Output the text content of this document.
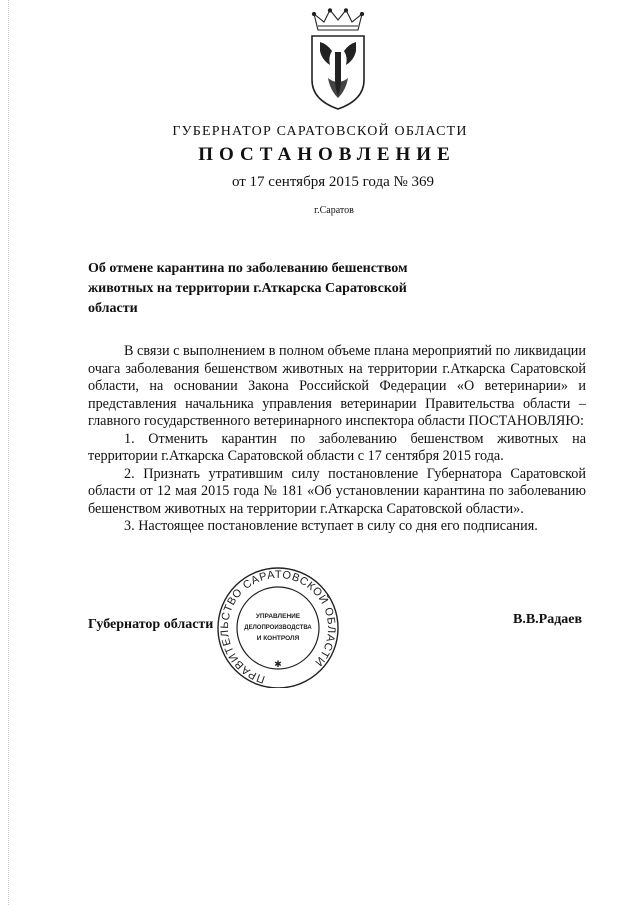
ГУБЕРНАТОР САРАТОВСКОЙ ОБЛАСТИ
ПОСТАНОВЛЕНИЕ
от 17 сентября 2015 года № 369
г.Саратов
Об отмене карантина по заболеванию бешенством животных на территории г.Аткарска Саратовской области

В связи с выполнением в полном объеме плана мероприятий по ликвидации очага заболевания бешенством животных на территории г.Аткарска Саратовской области, на основании Закона Российской Федерации «О ветеринарии» и представления начальника управления ветеринарии Правительства области – главного государственного ветеринарного инспектора области ПОСТАНОВЛЯЮ:

1. Отменить карантин по заболеванию бешенством животных на территории г.Аткарска Саратовской области с 17 сентября 2015 года.

2. Признать утратившим силу постановление Губернатора Саратовской области от 12 мая 2015 года № 181 «Об установлении карантина по заболеванию бешенством животных на территории г.Аткарска Саратовской области».

3. Настоящее постановление вступает в силу со дня его подписания.

Губернатор области	В.В.Радаев
ПРАВИТЕЛЬСТВО САРАТОВСКОЙ ОБЛАСТИ
УПРАВЛЕНИЕ
ДЕЛОПРОИЗВОДСТВА
И КОНТРОЛЯ
✱
